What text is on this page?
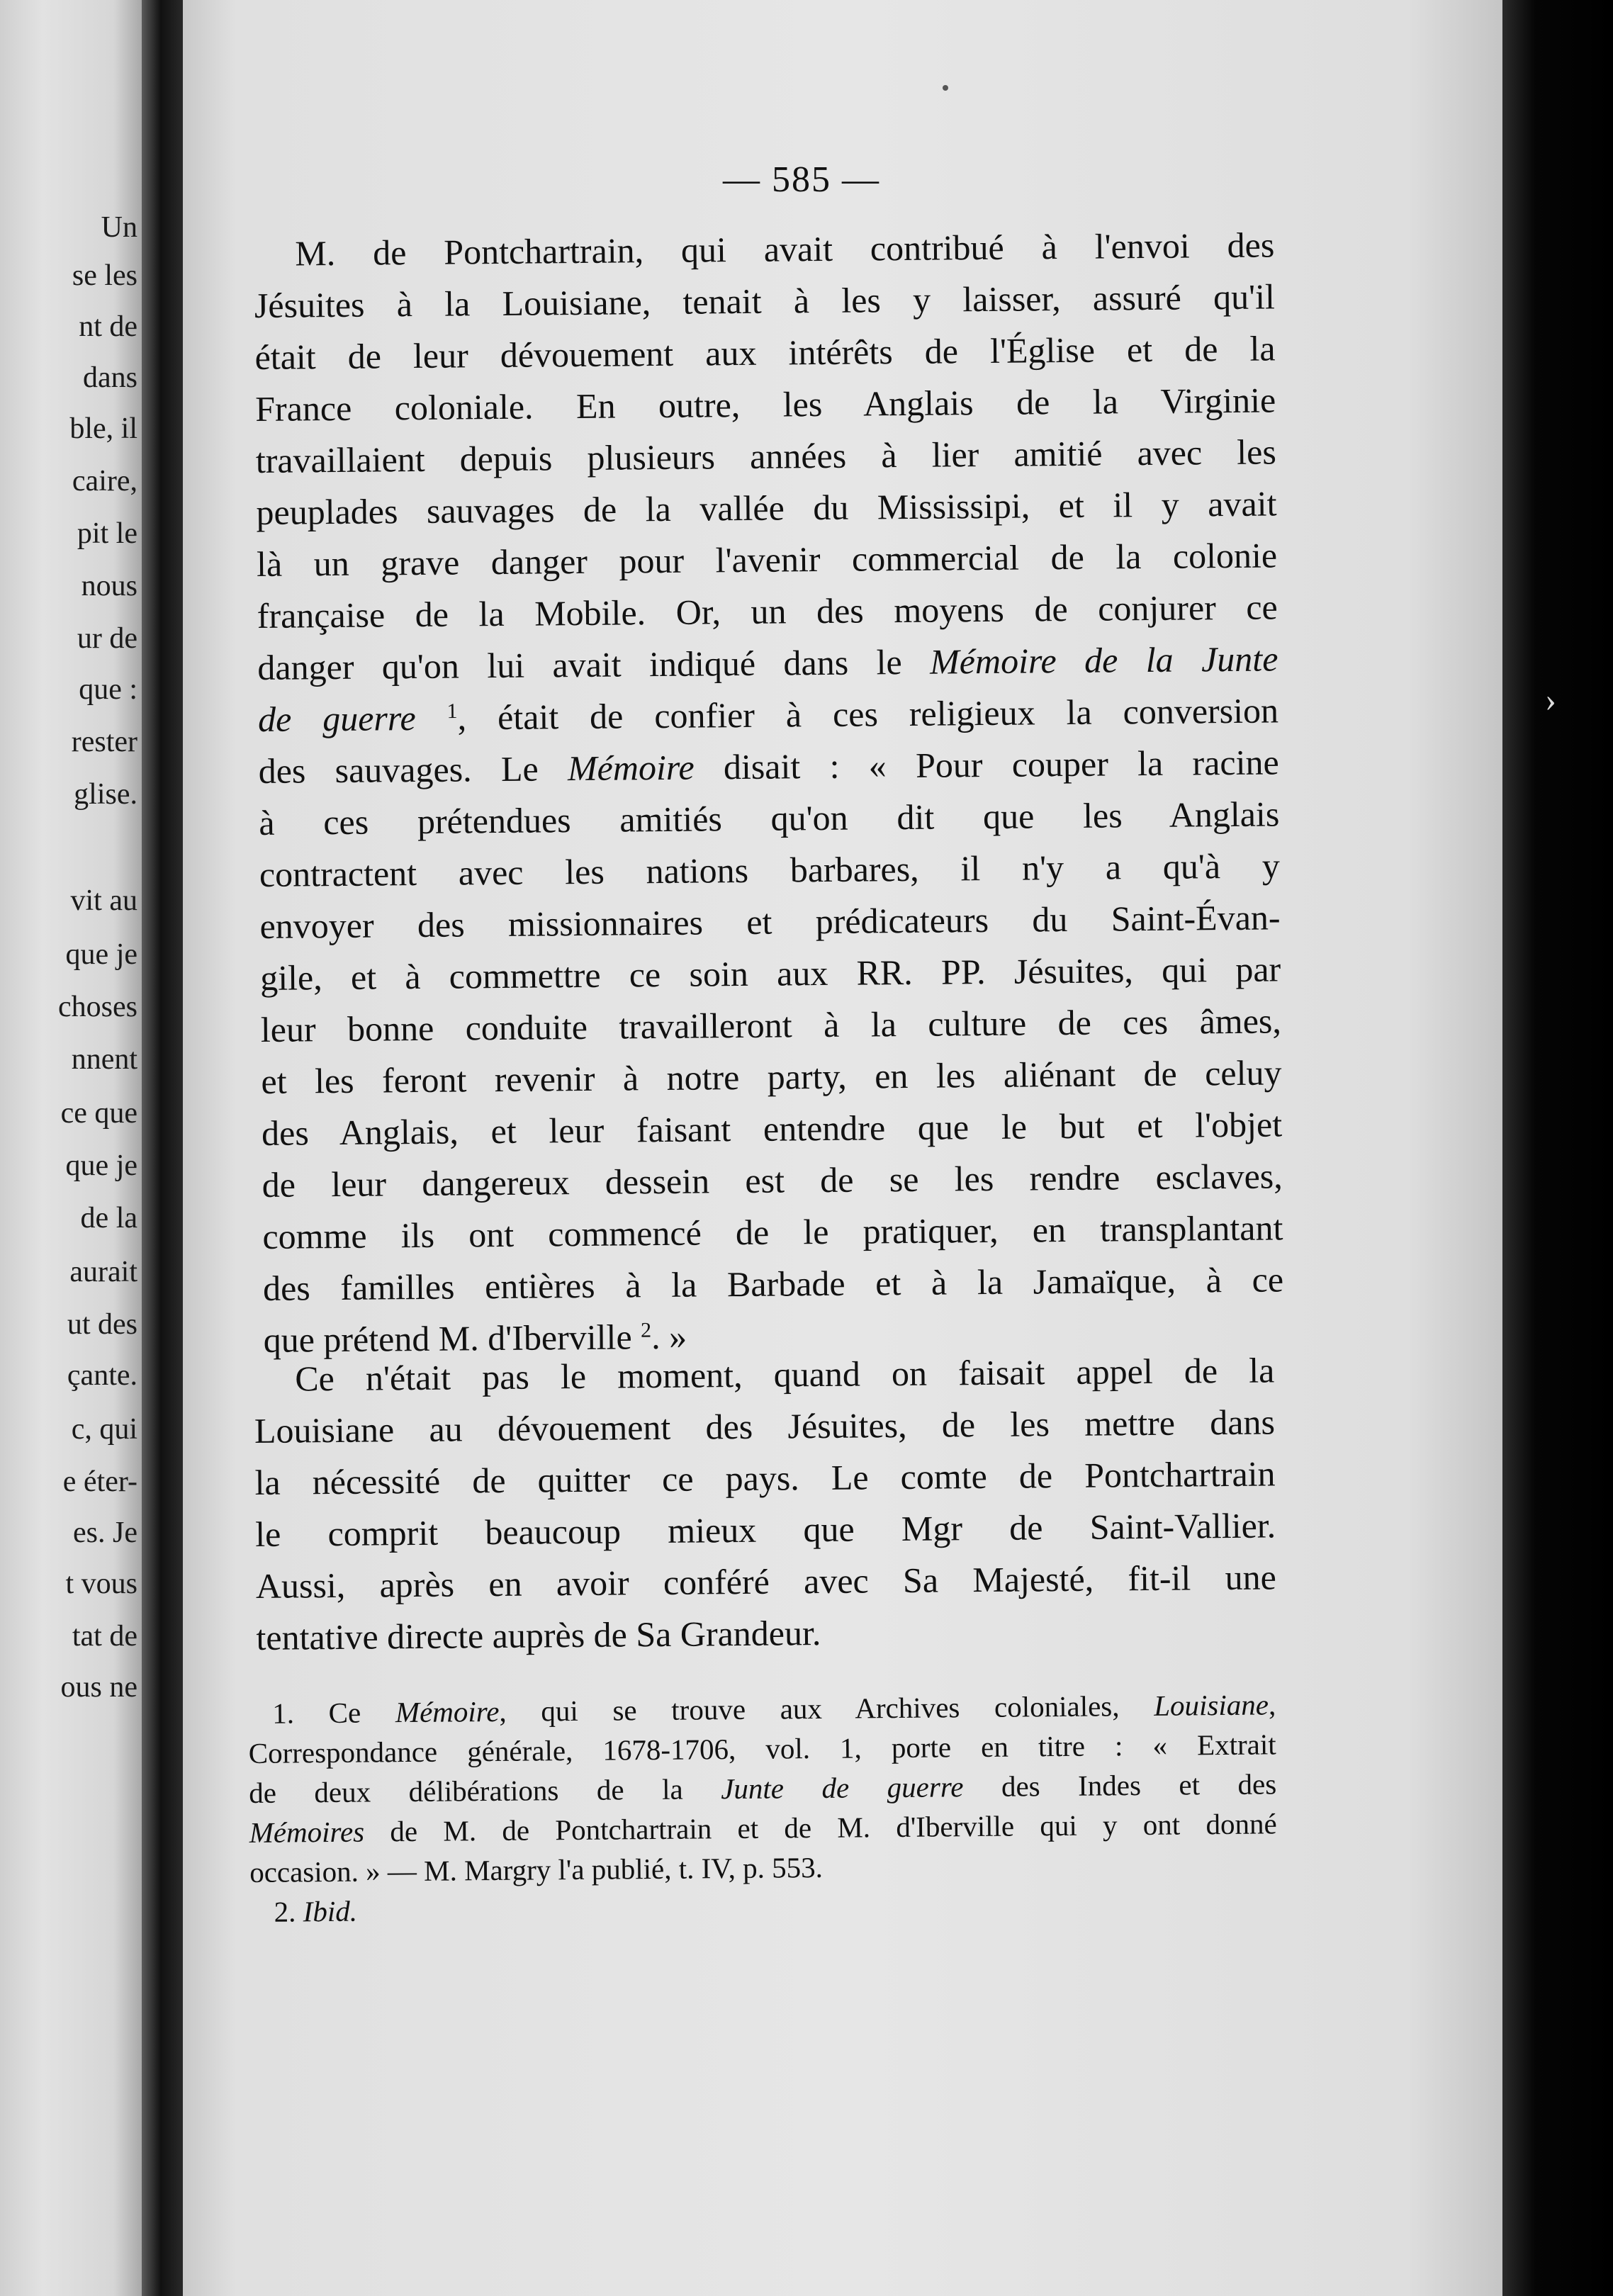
Un
se les
nt de
dans
ble, il
caire,
pit le
nous
ur de
que :
rester
glise.
vit au
que je
choses
nnent
ce que
que je
de la
aurait
ut des
çante.
c, qui
e éter-
es. Je
t vous
tat de
ous ne
›
— 585 —
M. de Pontchartrain, qui avait contribué à l'envoi des
Jésuites à la Louisiane, tenait à les y laisser, assuré qu'il
était de leur dévouement aux intérêts de l'Église et de la
France coloniale. En outre, les Anglais de la Virginie
travaillaient depuis plusieurs années à lier amitié avec les
peuplades sauvages de la vallée du Mississipi, et il y avait
là un grave danger pour l'avenir commercial de la colonie
française de la Mobile. Or, un des moyens de conjurer ce
danger qu'on lui avait indiqué dans le Mémoire de la Junte
de guerre $^1$, était de confier à ces religieux la conversion
des sauvages. Le Mémoire disait : « Pour couper la racine
à ces prétendues amitiés qu'on dit que les Anglais
contractent avec les nations barbares, il n'y a qu'à y
envoyer des missionnaires et prédicateurs du Saint-Évan-
gile, et à commettre ce soin aux RR. PP. Jésuites, qui par
leur bonne conduite travailleront à la culture de ces âmes,
et les feront revenir à notre party, en les aliénant de celuy
des Anglais, et leur faisant entendre que le but et l'objet
de leur dangereux dessein est de se les rendre esclaves,
comme ils ont commencé de le pratiquer, en transplantant
des familles entières à la Barbade et à la Jamaïque, à ce
que prétend M. d'Iberville $^2$. »
Ce n'était pas le moment, quand on faisait appel de la
Louisiane au dévouement des Jésuites, de les mettre dans
la nécessité de quitter ce pays. Le comte de Pontchartrain
le comprit beaucoup mieux que Mgr de Saint-Vallier.
Aussi, après en avoir conféré avec Sa Majesté, fit-il une
tentative directe auprès de Sa Grandeur.
1. Ce Mémoire, qui se trouve aux Archives coloniales, Louisiane,
Correspondance générale, 1678-1706, vol. 1, porte en titre : « Extrait
de deux délibérations de la Junte de guerre des Indes et des
Mémoires de M. de Pontchartrain et de M. d'Iberville qui y ont donné
occasion. » — M. Margry l'a publié, t. IV, p. 553.
2. Ibid.
